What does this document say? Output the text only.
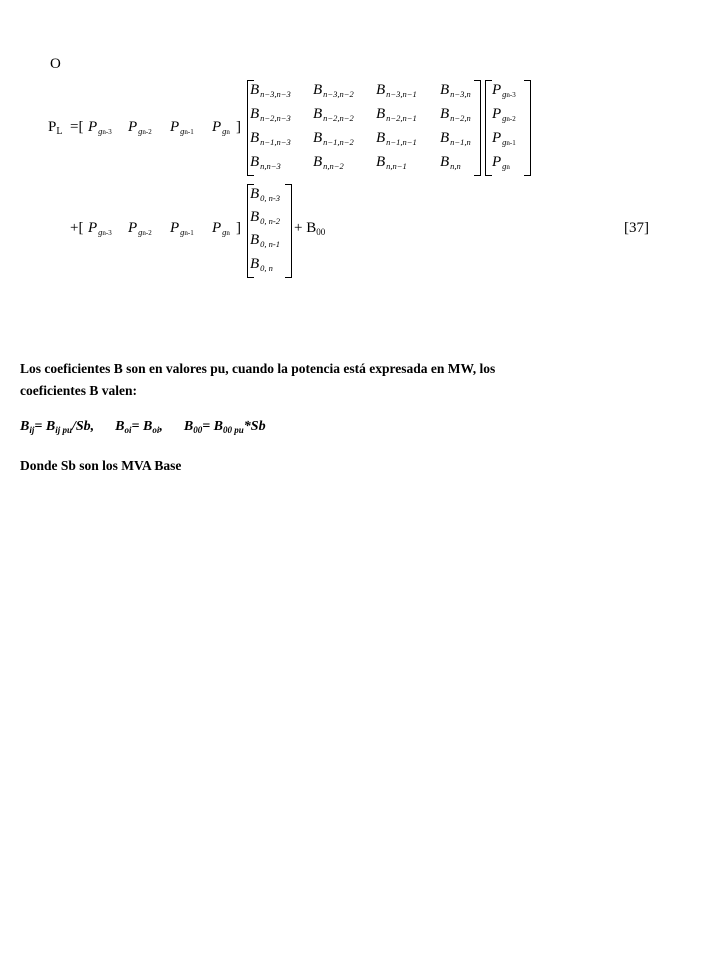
O
$P_L$ =[ $P_{gn-3}$ $P_{gn-2}$ $P_{gn-1}$ $P_{gn}$ ]
$B_{n-3,n-3}$ $B_{n-3,n-2}$ $B_{n-3,n-1}$ $B_{n-3,n}$
$B_{n-2,n-3}$ $B_{n-2,n-2}$ $B_{n-2,n-1}$ $B_{n-2,n}$
$B_{n-1,n-3}$ $B_{n-1,n-2}$ $B_{n-1,n-1}$ $B_{n-1,n}$
$B_{n,n-3}$ $B_{n,n-2}$ $B_{n,n-1}$ $B_{n,n}$
$P_{gn-3}$
$P_{gn-2}$
$P_{gn-1}$
$P_{gn}$
+[ $P_{gn-3}$ $P_{gn-2}$ $P_{gn-1}$ $P_{gn}$ ]
$B_{0, n-3}$
$B_{0, n-2}$
$B_{0, n-1}$
$B_{0, n}$
+ $B_{00}$	[37]
Los coeficientes B son en valores pu, cuando la potencia está expresada en MW, los
coeficientes B valen:
$B_{ij}= B_{ij pu}/Sb$, $B_{oi}= B_{oi}$, $B_{00}= B_{00 pu}*Sb$
Donde Sb son los MVA Base
